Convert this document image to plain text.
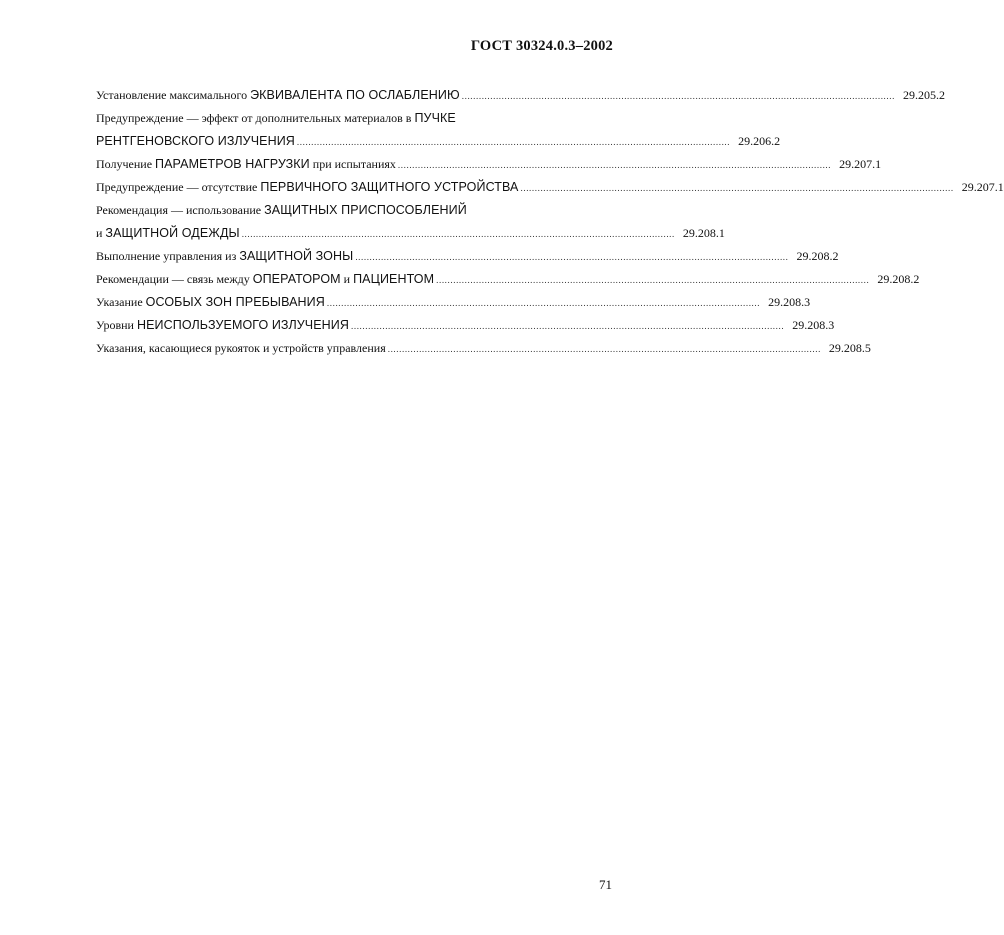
ГОСТ 30324.0.3–2002
Установление максимального ЭКВИВАЛЕНТА ПО ОСЛАБЛЕНИЮ ........................................................................................................................................................ 29.205.2
Предупреждение — эффект от дополнительных материалов в ПУЧКЕ
РЕНТГЕНОВСКОГО ИЗЛУЧЕНИЯ ........................................................................................................................................................ 29.206.2
Получение ПАРАМЕТРОВ НАГРУЗКИ при испытаниях ........................................................................................................................................................ 29.207.1
Предупреждение — отсутствие ПЕРВИЧНОГО ЗАЩИТНОГО УСТРОЙСТВА ........................................................................................................................................................ 29.207.1
Рекомендация — использование ЗАЩИТНЫХ ПРИСПОСОБЛЕНИЙ
и ЗАЩИТНОЙ ОДЕЖДЫ ........................................................................................................................................................ 29.208.1
Выполнение управления из ЗАЩИТНОЙ ЗОНЫ ........................................................................................................................................................ 29.208.2
Рекомендации — связь между ОПЕРАТОРОМ и ПАЦИЕНТОМ ........................................................................................................................................................ 29.208.2
Указание ОСОБЫХ ЗОН ПРЕБЫВАНИЯ ........................................................................................................................................................ 29.208.3
Уровни НЕИСПОЛЬЗУЕМОГО ИЗЛУЧЕНИЯ ........................................................................................................................................................ 29.208.3
Указания, касающиеся рукояток и устройств управления ........................................................................................................................................................ 29.208.5
71
